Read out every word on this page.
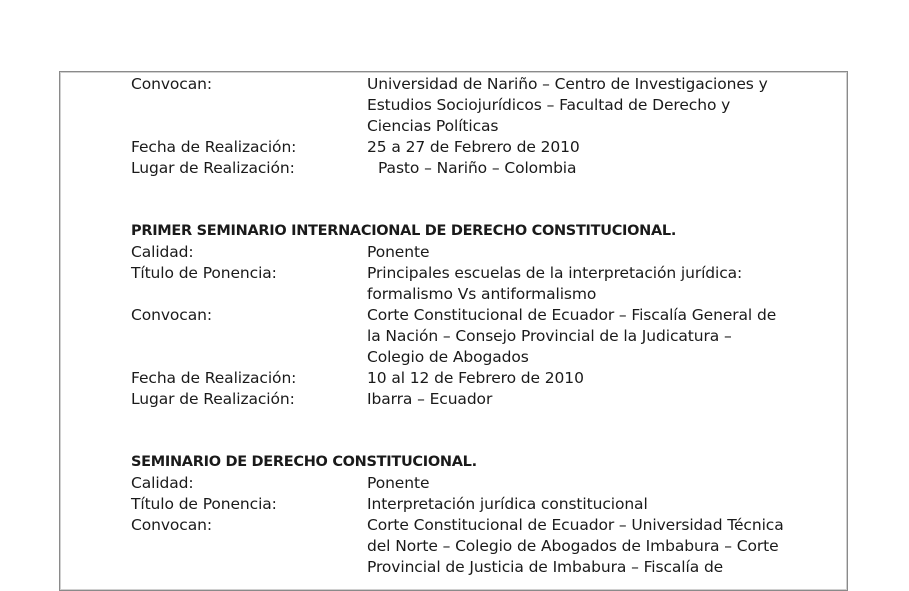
Convocan:	Universidad de Nariño – Centro de Investigaciones y
Estudios Sociojurídicos – Facultad de Derecho y
Ciencias Políticas
Fecha de Realización:	25 a 27 de Febrero de 2010
Lugar de Realización:	Pasto – Nariño – Colombia
PRIMER SEMINARIO INTERNACIONAL DE DERECHO CONSTITUCIONAL.
Calidad:	Ponente
Título de Ponencia:	Principales escuelas de la interpretación jurídica:
formalismo Vs antiformalismo
Convocan:	Corte Constitucional de Ecuador – Fiscalía General de
la Nación – Consejo Provincial de la Judicatura –
Colegio de Abogados
Fecha de Realización:	10 al 12 de Febrero de 2010
Lugar de Realización:	Ibarra – Ecuador
SEMINARIO DE DERECHO CONSTITUCIONAL.
Calidad:	Ponente
Título de Ponencia:	Interpretación jurídica constitucional
Convocan:	Corte Constitucional de Ecuador – Universidad Técnica
del Norte – Colegio de Abogados de Imbabura – Corte
Provincial de Justicia de Imbabura – Fiscalía de
